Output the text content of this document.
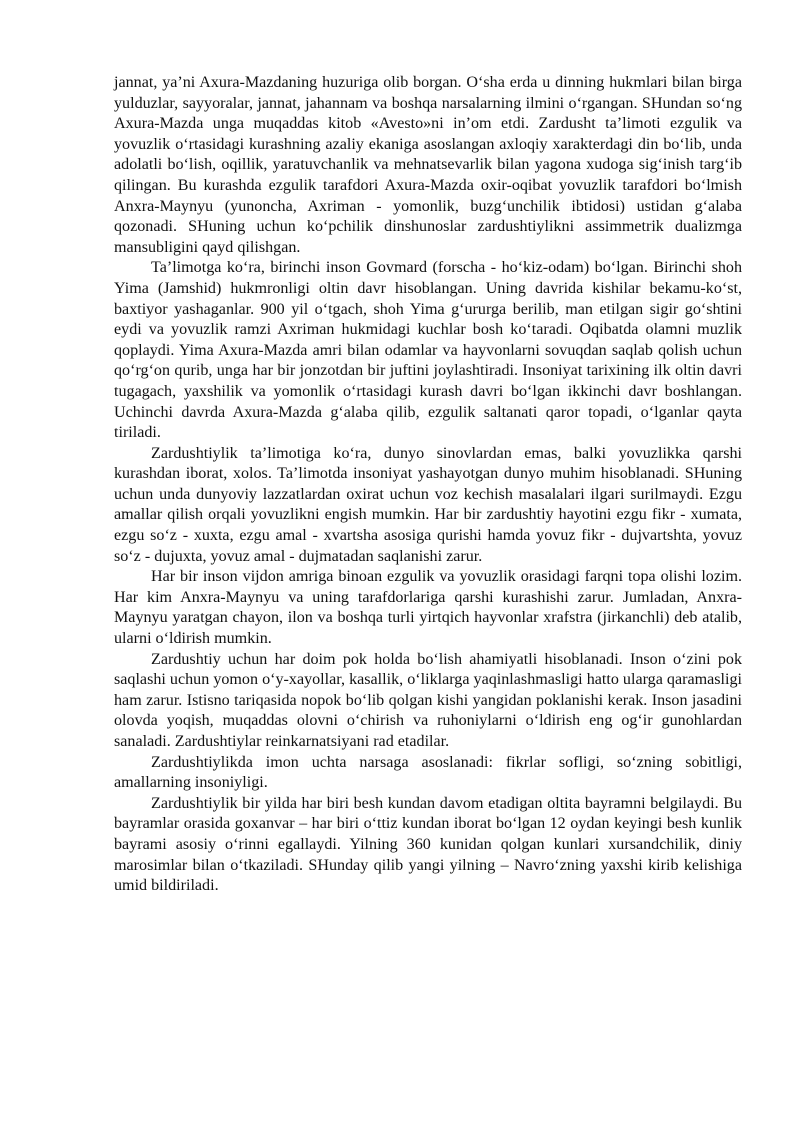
jannat, ya’ni Axura-Mazdaning huzuriga olib borgan. O‘sha erda u dinning hukmlari bilan birga yulduzlar, sayyoralar, jannat, jahannam va boshqa narsalarning ilmini o‘rgangan. SHundan so‘ng Axura-Mazda unga muqaddas kitob «Avesto»ni in’om etdi. Zardusht ta’limoti ezgulik va yovuzlik o‘rtasidagi kurashning azaliy ekaniga asoslangan axloqiy xarakterdagi din bo‘lib, unda adolatli bo‘lish, oqillik, yaratuvchanlik va mehnatsevarlik bilan yagona xudoga sig‘inish targ‘ib qilingan. Bu kurashda ezgulik tarafdori Axura-Mazda oxir-oqibat yovuzlik tarafdori bo‘lmish Anxra-Maynyu (yunoncha, Axriman - yomonlik, buzg‘unchilik ibtidosi) ustidan g‘alaba qozonadi. SHuning uchun ko‘pchilik dinshunoslar zardushtiylikni assimmetrik dualizmga mansubligini qayd qilishgan.

Ta’limotga ko‘ra, birinchi inson Govmard (forscha - ho‘kiz-odam) bo‘lgan. Birinchi shoh Yima (Jamshid) hukmronligi oltin davr hisoblangan. Uning davrida kishilar bekamu-ko‘st, baxtiyor yashaganlar. 900 yil o‘tgach, shoh Yima g‘ururga berilib, man etilgan sigir go‘shtini eydi va yovuzlik ramzi Axriman hukmidagi kuchlar bosh ko‘taradi. Oqibatda olamni muzlik qoplaydi. Yima Axura-Mazda amri bilan odamlar va hayvonlarni sovuqdan saqlab qolish uchun qo‘rg‘on qurib, unga har bir jonzotdan bir juftini joylashtiradi. Insoniyat tarixining ilk oltin davri tugagach, yaxshilik va yomonlik o‘rtasidagi kurash davri bo‘lgan ikkinchi davr boshlangan. Uchinchi davrda Axura-Mazda g‘alaba qilib, ezgulik saltanati qaror topadi, o‘lganlar qayta tiriladi.

Zardushtiylik ta’limotiga ko‘ra, dunyo sinovlardan emas, balki yovuzlikka qarshi kurashdan iborat, xolos. Ta’limotda insoniyat yashayotgan dunyo muhim hisoblanadi. SHuning uchun unda dunyoviy lazzatlardan oxirat uchun voz kechish masalalari ilgari surilmaydi. Ezgu amallar qilish orqali yovuzlikni engish mumkin. Har bir zardushtiy hayotini ezgu fikr - xumata, ezgu so‘z - xuxta, ezgu amal - xvartsha asosiga qurishi hamda yovuz fikr - dujvartshta, yovuz so‘z - dujuxta, yovuz amal - dujmatadan saqlanishi zarur.

Har bir inson vijdon amriga binoan ezgulik va yovuzlik orasidagi farqni topa olishi lozim. Har kim Anxra-Maynyu va uning tarafdorlariga qarshi kurashishi zarur. Jumladan, Anxra-Maynyu yaratgan chayon, ilon va boshqa turli yirtqich hayvonlar xrafstra (jirkanchli) deb atalib, ularni o‘ldirish mumkin.

Zardushtiy uchun har doim pok holda bo‘lish ahamiyatli hisoblanadi. Inson o‘zini pok saqlashi uchun yomon o‘y-xayollar, kasallik, o‘liklarga yaqinlashmasligi hatto ularga qaramasligi ham zarur. Istisno tariqasida nopok bo‘lib qolgan kishi yangidan poklanishi kerak. Inson jasadini olovda yoqish, muqaddas olovni o‘chirish va ruhoniylarni o‘ldirish eng og‘ir gunohlardan sanaladi. Zardushtiylar reinkarnatsiyani rad etadilar.

Zardushtiylikda imon uchta narsaga asoslanadi: fikrlar sofligi, so‘zning sobitligi, amallarning insoniyligi.

Zardushtiylik bir yilda har biri besh kundan davom etadigan oltita bayramni belgilaydi. Bu bayramlar orasida goxanvar – har biri o‘ttiz kundan iborat bo‘lgan 12 oydan keyingi besh kunlik bayrami asosiy o‘rinni egallaydi. Yilning 360 kunidan qolgan kunlari xursandchilik, diniy marosimlar bilan o‘tkaziladi. SHunday qilib yangi yilning – Navro‘zning yaxshi kirib kelishiga umid bildiriladi.
